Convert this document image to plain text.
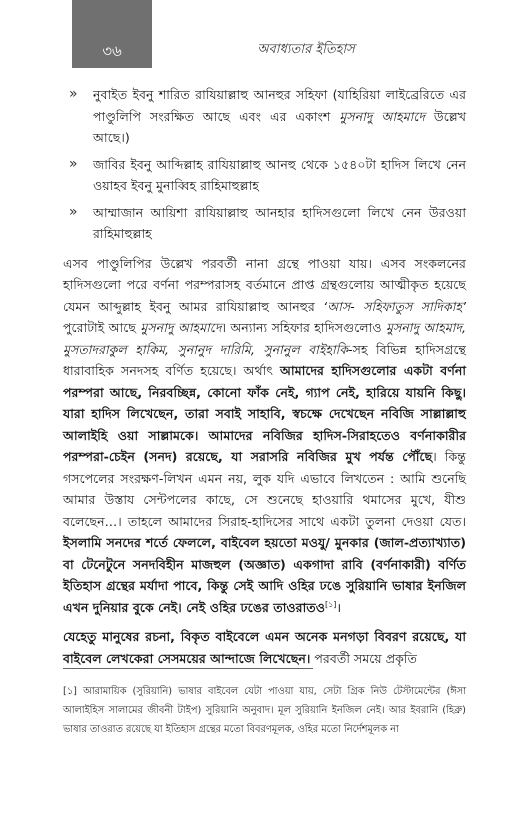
৩৬	অবাধ্যতার ইতিহাস
» নুবাইত ইবনু শারিত রাযিয়াল্লাহু আনহুর সহিফা (যাহিরিয়া লাইব্রেরিতে এর পাণ্ডুলিপি সংরক্ষিত আছে এবং এর একাংশ মুসনাদু আহমাদে উল্লেখ আছে।)
» জাবির ইবনু আব্দিল্লাহ রাযিয়াল্লাহু আনহু থেকে ১৫৪০টা হাদিস লিখে নেন ওয়াহব ইবনু মুনাব্বিহ রাহিমাহুল্লাহ
» আম্মাজান আয়িশা রাযিয়াল্লাহু আনহার হাদিসগুলো লিখে নেন উরওয়া রাহিমাহুল্লাহ

এসব পাণ্ডুলিপির উল্লেখ পরবর্তী নানা গ্রন্থে পাওয়া যায়। এসব সংকলনের হাদিসগুলো পরে বর্ণনা পরম্পরাসহ বর্তমানে প্রাপ্ত গ্রন্থগুলোয় আত্মীকৃত হয়েছে যেমন আব্দুল্লাহ ইবনু আমর রাযিয়াল্লাহু আনহুর ‘আস- সহিফাতুস সাদিকাহ’ পুরোটাই আছে মুসনাদু আহমাদে। অন্যান্য সহিফার হাদিসগুলোও মুসনাদু আহমাদ, মুসতাদরাকুল হাকিম, সুনানুদ দারিমি, সুনানুল বাইহাকি-সহ বিভিন্ন হাদিসগ্রন্থে ধারাবাহিক সনদসহ বর্ণিত হয়েছে। অর্থাৎ আমাদের হাদিসগুলোর একটা বর্ণনা পরম্পরা আছে, নিরবচ্ছিন্ন, কোনো ফাঁক নেই, গ্যাপ নেই, হারিয়ে যায়নি কিছু। যারা হাদিস লিখেছেন, তারা সবাই সাহাবি, স্বচক্ষে দেখেছেন নবিজি সাল্লাল্লাহু আলাইহি ওয়া সাল্লামকে। আমাদের নবিজির হাদিস-সিরাহতেও বর্ণনাকারীর পরম্পরা-চেইন (সনদ) রয়েছে, যা সরাসরি নবিজির মুখ পর্যন্ত পৌঁছে। কিন্তু গসপেলের সংরক্ষণ-লিখন এমন নয়, লুক যদি এভাবে লিখতেন : আমি শুনেছি আমার উস্তায সেন্টপলের কাছে, সে শুনেছে হাওয়ারি থমাসের মুখে, যীশু বলেছেন…। তাহলে আমাদের সিরাহ-হাদিসের সাথে একটা তুলনা দেওয়া যেত। ইসলামি সনদের শর্তে ফেললে, বাইবেল হয়তো মওযু/ মুনকার (জাল-প্রত্যাখ্যাত) বা টেনেটুনে সনদবিহীন মাজহুল (অজ্ঞাত) একগাদা রাবি (বর্ণনাকারী) বর্ণিত ইতিহাস গ্রন্থের মর্যাদা পাবে, কিন্তু সেই আদি ওহির ঢঙে সুরিয়ানি ভাষার ইনজিল এখন দুনিয়ার বুকে নেই। নেই ওহির ঢঙের তাওরাতও[১]।

যেহেতু মানুষের রচনা, বিকৃত বাইবেলে এমন অনেক মনগড়া বিবরণ রয়েছে, যা বাইবেল লেখকেরা সেসময়ের আন্দাজে লিখেছেন। পরবর্তী সময়ে প্রকৃতি

[১] আরামায়িক (সুরিয়ানি) ভাষার বাইবেল যেটা পাওয়া যায়, সেটা গ্রিক নিউ টেস্টামেন্টের (ঈসা আলাইহিস সালামের জীবনী টাইপ) সুরিয়ানি অনুবাদ। মূল সুরিয়ানি ইনজিল নেই। আর ইবরানি (হিব্রু) ভাষার তাওরাত রয়েছে যা ইতিহাস গ্রন্থের মতো বিবরণমূলক, ওহির মতো নির্দেশমূলক না
